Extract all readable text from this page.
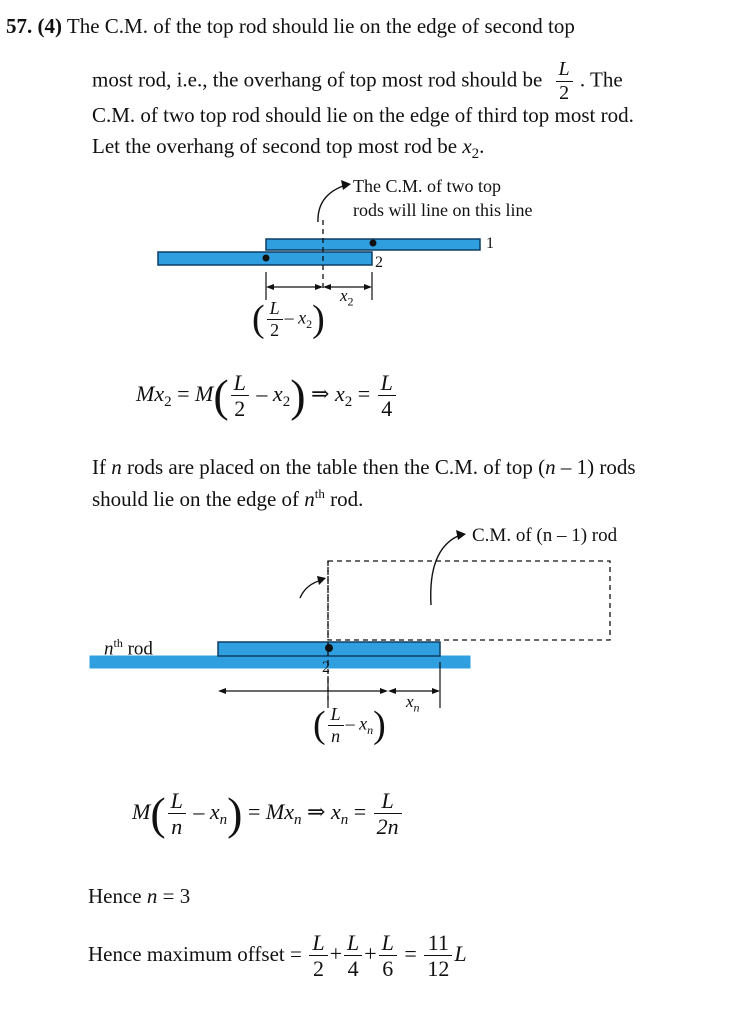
57. (4) The C.M. of the top rod should lie on the edge of second top
most rod, i.e., the overhang of top most rod should be $\frac{L}{2}$ . The
C.M. of two top rod should lie on the edge of third top most rod.
Let the overhang of second top most rod be $x_2$.
The C.M. of two top
rods will line on this line
1
2
$x_2$
( $\frac{L}{2} - x_2$)
$Mx_2 = M( \frac{L}{2} - x_2)$ ⇒ $x_2 = \frac{L}{4}$
If n rods are placed on the table then the C.M. of top (n – 1) rods
should lie on the edge of $n^{th}$ rod.
C.M. of (n – 1) rod
$n^{th}$ rod
2
$x_n$
( $\frac{L}{n} - x_n$)
$M( \frac{L}{n} - x_n) = Mx_n$ ⇒ $x_n = \frac{L}{2n}$
Hence n = 3
Hence maximum offset = $\frac{L}{2} + \frac{L}{4} + \frac{L}{6} = \frac{11}{12}$ L
